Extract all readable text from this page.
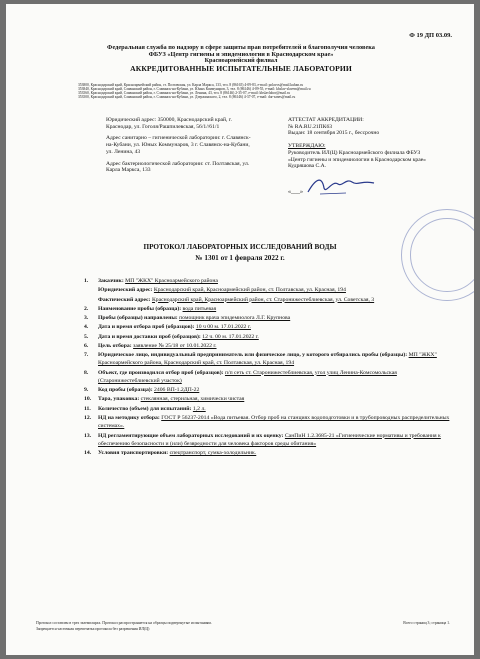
Ф 19 ДП 03.09.
Федеральная служба по надзору в сфере защиты прав потребителей и благополучия человека
ФБУЗ «Центр гигиены и эпидемиологии в Краснодарском крае»
Красноармейский филиал
АККРЕДИТОВАННЫЕ ИСПЫТАТЕЛЬНЫЕ ЛАБОРАТОРИИ
353800, Краснодарский край, Красноармейский район, ст. Полтавская, ул. Карла Маркса, 133, тел. 8 (86165) 4-09-83, e-mail: polavos@mail.kuban.ru
353840, Краснодарский край, Славянский район, г. Славянск-на-Кубани, ул. Юных Коммунаров, 3, тел. 8 (86146) 4-09-55, e-mail: kbslav-slavem@mail.ru
353560, Краснодарский край, Славянский район, г. Славянск-на-Кубани, ул. Ленина, 43, тел. 8 (86146) 2-35-07, e-mail: kbslavlabor@mail.ru
353500, Краснодарский край, Славянский район, г. Славянск-на-Кубани, ул. Дзержинского, 2, тел. 8 (86146) 4-37-07, e-mail: dar-sanes@mail.ru

Юридический адрес: 350000, Краснодарский край, г. Краснодар, ул. Гоголя/Рашпилевская, 56/1//61/1

Адрес санитарно – гигиенической лаборатории: г. Славянск-на-Кубани, ул. Юных Коммунаров, 3 г. Славянск-на-Кубани, ул. Ленина, 43

Адрес бактериологической лаборатории: ст. Полтавская, ул. Карла Маркса, 133

АТТЕСТАТ АККРЕДИТАЦИИ:

№ RA.RU.21ПК63

Выдан: 18 сентября 2015 г., бессрочно

УТВЕРЖДАЮ:

Руководитель ИЛ(Ц) Красноармейского филиала ФБУЗ «Центр гигиены и эпидемиологии в Краснодарском крае»

Кудряшова С.А.

«___»
ПРОТОКОЛ ЛАБОРАТОРНЫХ ИССЛЕДОВАНИЙ ВОДЫ
№ 1301 от 1 февраля 2022 г.
1.	Заказчик: МП "ЖКХ" Красноармейского района
Юридический адрес: Краснодарский край, Красноармейский район, ст. Полтавская, ул. Красная, 194
Фактический адрес: Краснодарский край, Красноармейский район, ст. Старонижестеблиевская, ул. Советская, 3
2.	Наименование пробы (образца): вода питьевая
3.	Пробы (образцы) направлены: помощник врача эпидемиолога Л.Г. Крупнова
4.	Дата и время отбора проб (образцов): 10 ч 00 м. 17.01.2022 г.
5.	Дата и время доставки проб (образцов): 12 ч. 00 м. 17.01.2022 г.
6.	Цель отбора: заявление № 25/18 от 10.01.2022 г.
7.	Юридическое лицо, индивидуальный предприниматель или физическое лицо, у которого отбирались пробы (образцы): МП "ЖКХ" Красноармейского района, Краснодарский край, ст. Полтавская, ул. Красная, 194
8.	Объект, где производился отбор проб (образцов): п/п сеть ст. Старонижестеблиевская, угол улиц Ленина-Комсомольская (Старонижестеблиевский участок)
9.	Код пробы (образца): 2406 ВП-1.2ДП-22
10.	Тара, упаковка: стеклянная, стерильная, химически чистая
11.	Количество (объем) для испытаний: 1,2 л.
12.	НД на методику отбора: ГОСТ Р 56237-2014 «Вода питьевая. Отбор проб на станциях водоподготовки и в трубопроводных распределительных системах».
13.	НД регламентирующие объем лабораторных исследований и их оценку: СанПиН 1.2.3685-21 «Гигиенические нормативы и требования к обеспечению безопасности и (или) безвредности для человека факторов среды обитания»
14.	Условия транспортировки: спецтранспорт, сумка-холодильник.
Протокол составлен в трех экземплярах. Протокол распространяется на образцы подвергнутые испытаниям.
Запрещается частичная перепечатка протокола без разрешения ИЛ(Ц)
Всего страниц 3; страница 1.
